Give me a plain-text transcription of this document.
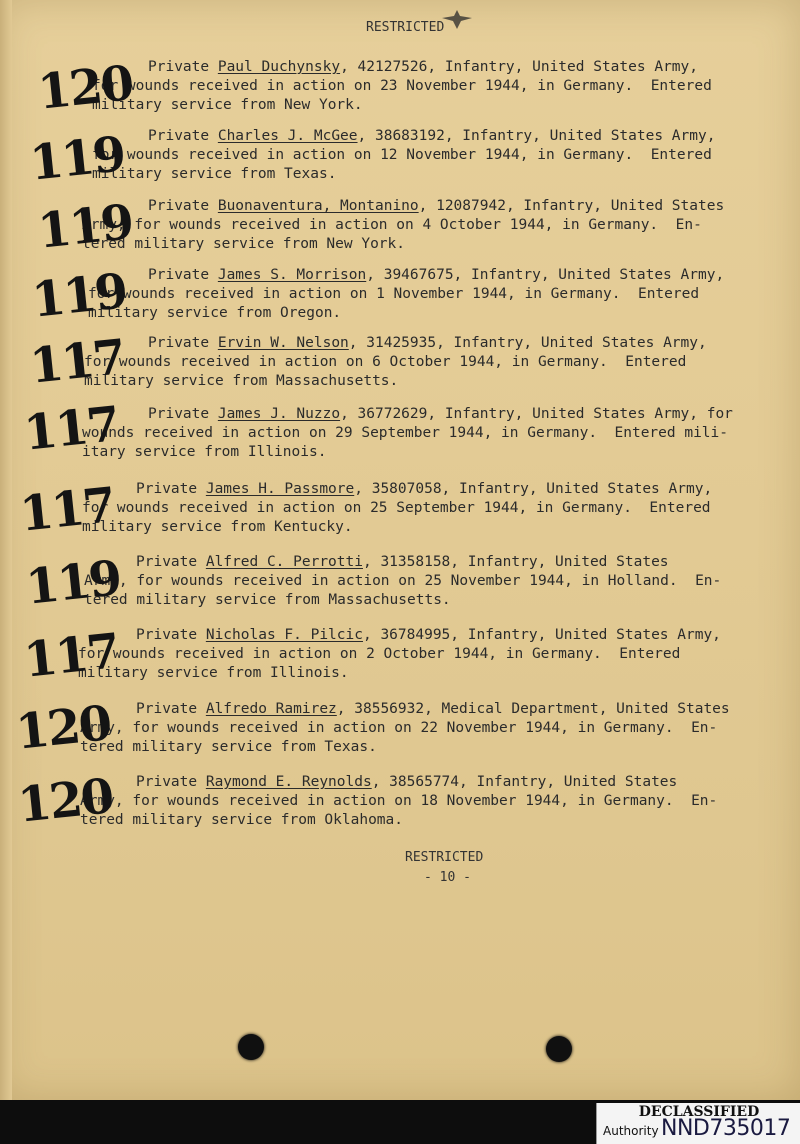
RESTRICTED
Private Paul Duchynsky, 42127526, Infantry, United States Army,
for wounds received in action on 23 November 1944, in Germany.  Entered
military service from New York.
120
Private Charles J. McGee, 38683192, Infantry, United States Army,
for wounds received in action on 12 November 1944, in Germany.  Entered
military service from Texas.
119
Private Buonaventura, Montanino, 12087942, Infantry, United States
Army, for wounds received in action on 4 October 1944, in Germany.  En-
tered military service from New York.
119
Private James S. Morrison, 39467675, Infantry, United States Army,
for wounds received in action on 1 November 1944, in Germany.  Entered
military service from Oregon.
119
Private Ervin W. Nelson, 31425935, Infantry, United States Army,
for wounds received in action on 6 October 1944, in Germany.  Entered
military service from Massachusetts.
117
Private James J. Nuzzo, 36772629, Infantry, United States Army, for
wounds received in action on 29 September 1944, in Germany.  Entered mili-
itary service from Illinois.
117
Private James H. Passmore, 35807058, Infantry, United States Army,
for wounds received in action on 25 September 1944, in Germany.  Entered
military service from Kentucky.
117
Private Alfred C. Perrotti, 31358158, Infantry, United States
Army, for wounds received in action on 25 November 1944, in Holland.  En-
tered military service from Massachusetts.
119
Private Nicholas F. Pilcic, 36784995, Infantry, United States Army,
for wounds received in action on 2 October 1944, in Germany.  Entered
military service from Illinois.
117
Private Alfredo Ramirez, 38556932, Medical Department, United States
Army, for wounds received in action on 22 November 1944, in Germany.  En-
tered military service from Texas.
120
Private Raymond E. Reynolds, 38565774, Infantry, United States
Army, for wounds received in action on 18 November 1944, in Germany.  En-
tered military service from Oklahoma.
120
RESTRICTED
- 10 -
DECLASSIFIED
Authority NND735017
